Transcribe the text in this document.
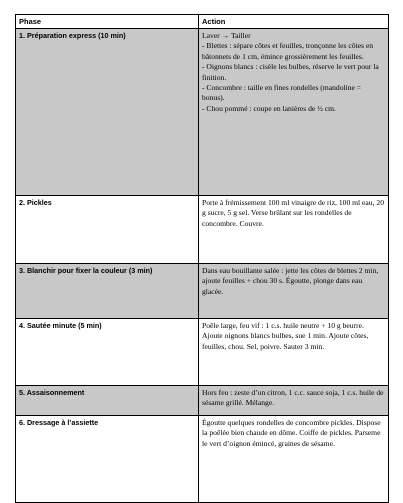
Phase	Action
1. Préparation express (10 min)	Laver → Tailler
- Blettes : sépare côtes et feuilles, tronçonne les côtes en bâtonnets de 1 cm, émince grossièrement les feuilles.
- Oignons blancs : cisèle les bulbes, réserve le vert pour la finition.
- Concombre : taille en fines rondelles (mandoline = bonus).
- Chou pommé : coupe en lanières de ½ cm.

2. Pickles	Porte à frémissement 100 ml vinaigre de riz, 100 ml eau, 20 g sucre, 5 g sel. Verse brûlant sur les rondelles de concombre. Couvre.

3. Blanchir pour fixer la couleur (3 min)	Dans eau bouillante salée : jette les côtes de blettes 2 min, ajoute feuilles + chou 30 s. Égoutte, plonge dans eau glacée.

4. Sautée minute (5 min)	Poêle large, feu vif : 1 c.s. huile neutre + 10 g beurre. Ajoute oignons blancs bulbes, sue 1 min. Ajoute côtes, feuilles, chou. Sel, poivre. Sauter 3 min.

5. Assaisonnement	Hors feu : zeste d’un citron, 1 c.c. sauce soja, 1 c.s. huile de sésame grillé. Mélange.

6. Dressage à l’assiette	Égoutte quelques rondelles de concombre pickles. Dispose la poêlée bien chaude en dôme. Coiffe de pickles. Parseme le vert d’oignon émincé, graines de sésame.
